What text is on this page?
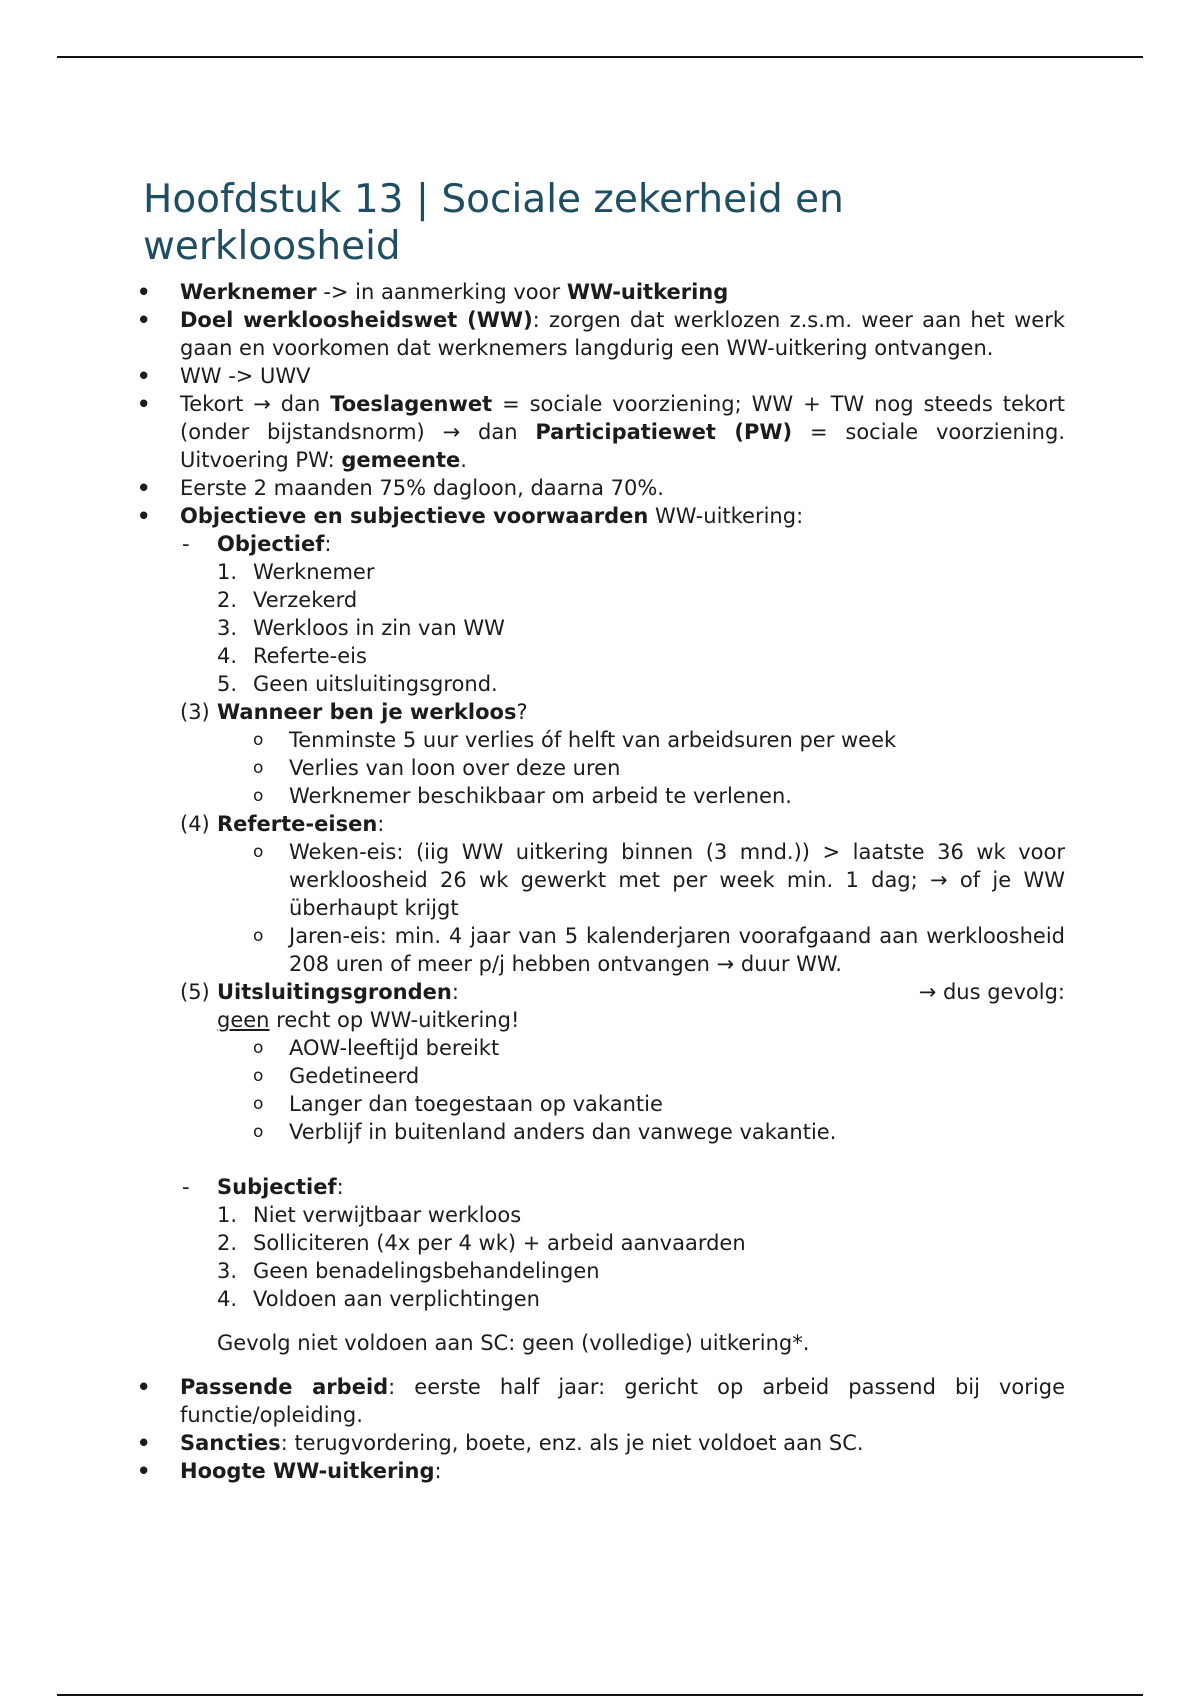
Hoofdstuk 13 | Sociale zekerheid en werkloosheid
• Werknemer -> in aanmerking voor WW-uitkering
• Doel werkloosheidswet (WW): zorgen dat werklozen z.s.m. weer aan het werk gaan en voorkomen dat werknemers langdurig een WW-uitkering ontvangen.
• WW -> UWV
• Tekort → dan Toeslagenwet = sociale voorziening; WW + TW nog steeds tekort (onder bijstandsnorm) → dan Participatiewet (PW) = sociale voorziening. Uitvoering PW: gemeente.
• Eerste 2 maanden 75% dagloon, daarna 70%.
• Objectieve en subjectieve voorwaarden WW-uitkering:
- Objectief:
1. Werknemer
2. Verzekerd
3. Werkloos in zin van WW
4. Referte-eis
5. Geen uitsluitingsgrond.
(3) Wanneer ben je werkloos?
o Tenminste 5 uur verlies óf helft van arbeidsuren per week
o Verlies van loon over deze uren
o Werknemer beschikbaar om arbeid te verlenen.
(4) Referte-eisen:
o Weken-eis: (iig WW uitkering binnen (3 mnd.)) > laatste 36 wk voor werkloosheid 26 wk gewerkt met per week min. 1 dag; → of je WW überhaupt krijgt
o Jaren-eis: min. 4 jaar van 5 kalenderjaren voorafgaand aan werkloosheid 208 uren of meer p/j hebben ontvangen → duur WW.
(5) Uitsluitingsgronden:	→ dus gevolg:
geen recht op WW-uitkering!
o AOW-leeftijd bereikt
o Gedetineerd
o Langer dan toegestaan op vakantie
o Verblijf in buitenland anders dan vanwege vakantie.
- Subjectief:
1. Niet verwijtbaar werkloos
2. Solliciteren (4x per 4 wk) + arbeid aanvaarden
3. Geen benadelingsbehandelingen
4. Voldoen aan verplichtingen
Gevolg niet voldoen aan SC: geen (volledige) uitkering*.
• Passende arbeid: eerste half jaar: gericht op arbeid passend bij vorige functie/opleiding.
• Sancties: terugvordering, boete, enz. als je niet voldoet aan SC.
• Hoogte WW-uitkering:
